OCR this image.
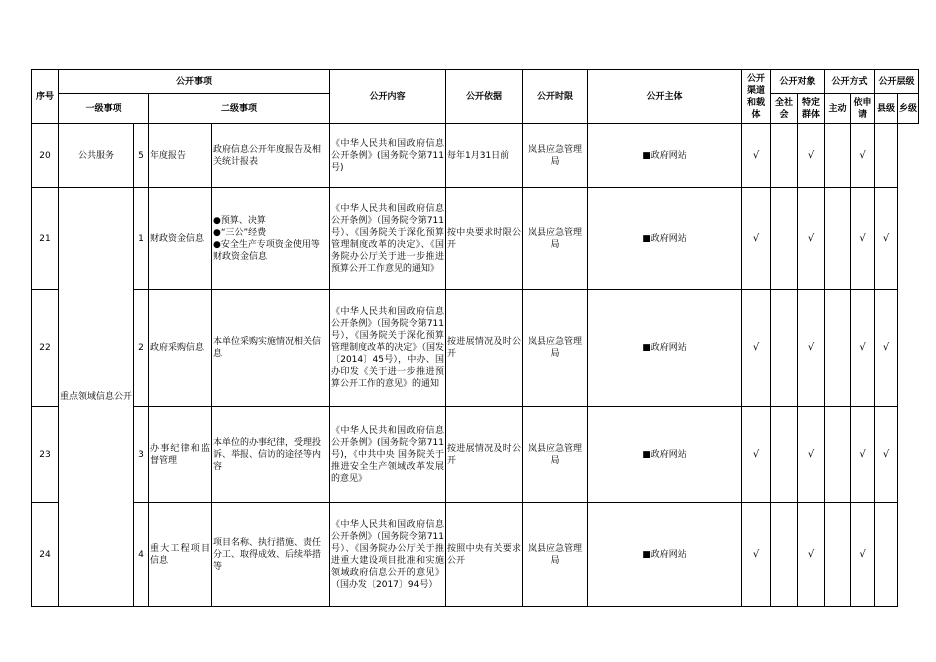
序号	公开事项				公开内容	公开依据	公开时限	公开主体	公开渠道和载体	公开对象		公开方式		公开层级	
	一级事项		二级事项							全社会	特定群体	主动	依申请	县级	乡级
20	公共服务	5	年度报告	政府信息公开年度报告及相关统计报表	《中华人民共和国政府信息公开条例》(国务院令第711号)	每年1月31日前	岚县应急管理局	■政府网站	√		√		√		
21	重点领域信息公开	1	财政资金信息	●预算、决算
●“三公”经费
●安全生产专项资金使用等财政资金信息	《中华人民共和国政府信息公开条例》（国务院令第711号）、《国务院关于深化预算管理制度改革的决定》、《国务院办公厅关于进一步推进预算公开工作意见的通知》	按中央要求时限公开	岚县应急管理局	■政府网站	√		√		√	√	
22		2	政府采购信息	本单位采购实施情况相关信息	《中华人民共和国政府信息公开条例》（国务院令第711号），《国务院关于深化预算管理制度改革的决定》（国发〔2014〕45号），中办、国办印发《关于进一步推进预算公开工作的意见》的通知	按进展情况及时公开	岚县应急管理局	■政府网站	√		√		√	√	
23		3	办事纪律和监督管理	本单位的办事纪律，受理投诉、举报、信访的途径等内容	《中华人民共和国政府信息公开条例》(国务院令第711号)，《中共中央 国务院关于推进安全生产领域改革发展的意见》	按进展情况及时公开	岚县应急管理局	■政府网站	√		√		√	√	
24		4	重大工程项目信息	项目名称、执行措施、责任分工、取得成效、后续举措等	《中华人民共和国政府信息公开条例》（国务院令第711号）、《国务院办公厅关于推进重大建设项目批准和实施领域政府信息公开的意见》（国办发〔2017〕94号）	按照中央有关要求公开	岚县应急管理局	■政府网站	√		√		√		
